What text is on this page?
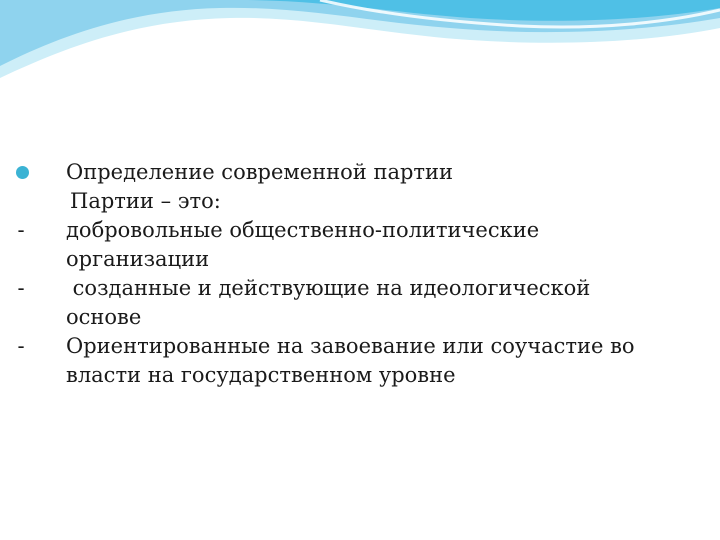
Определение современной партии
Партии – это:
- добровольные общественно-политические
организации
- созданные и действующие на идеологической
основе
- Ориентированные на завоевание или соучастие во
власти на государственном уровне
